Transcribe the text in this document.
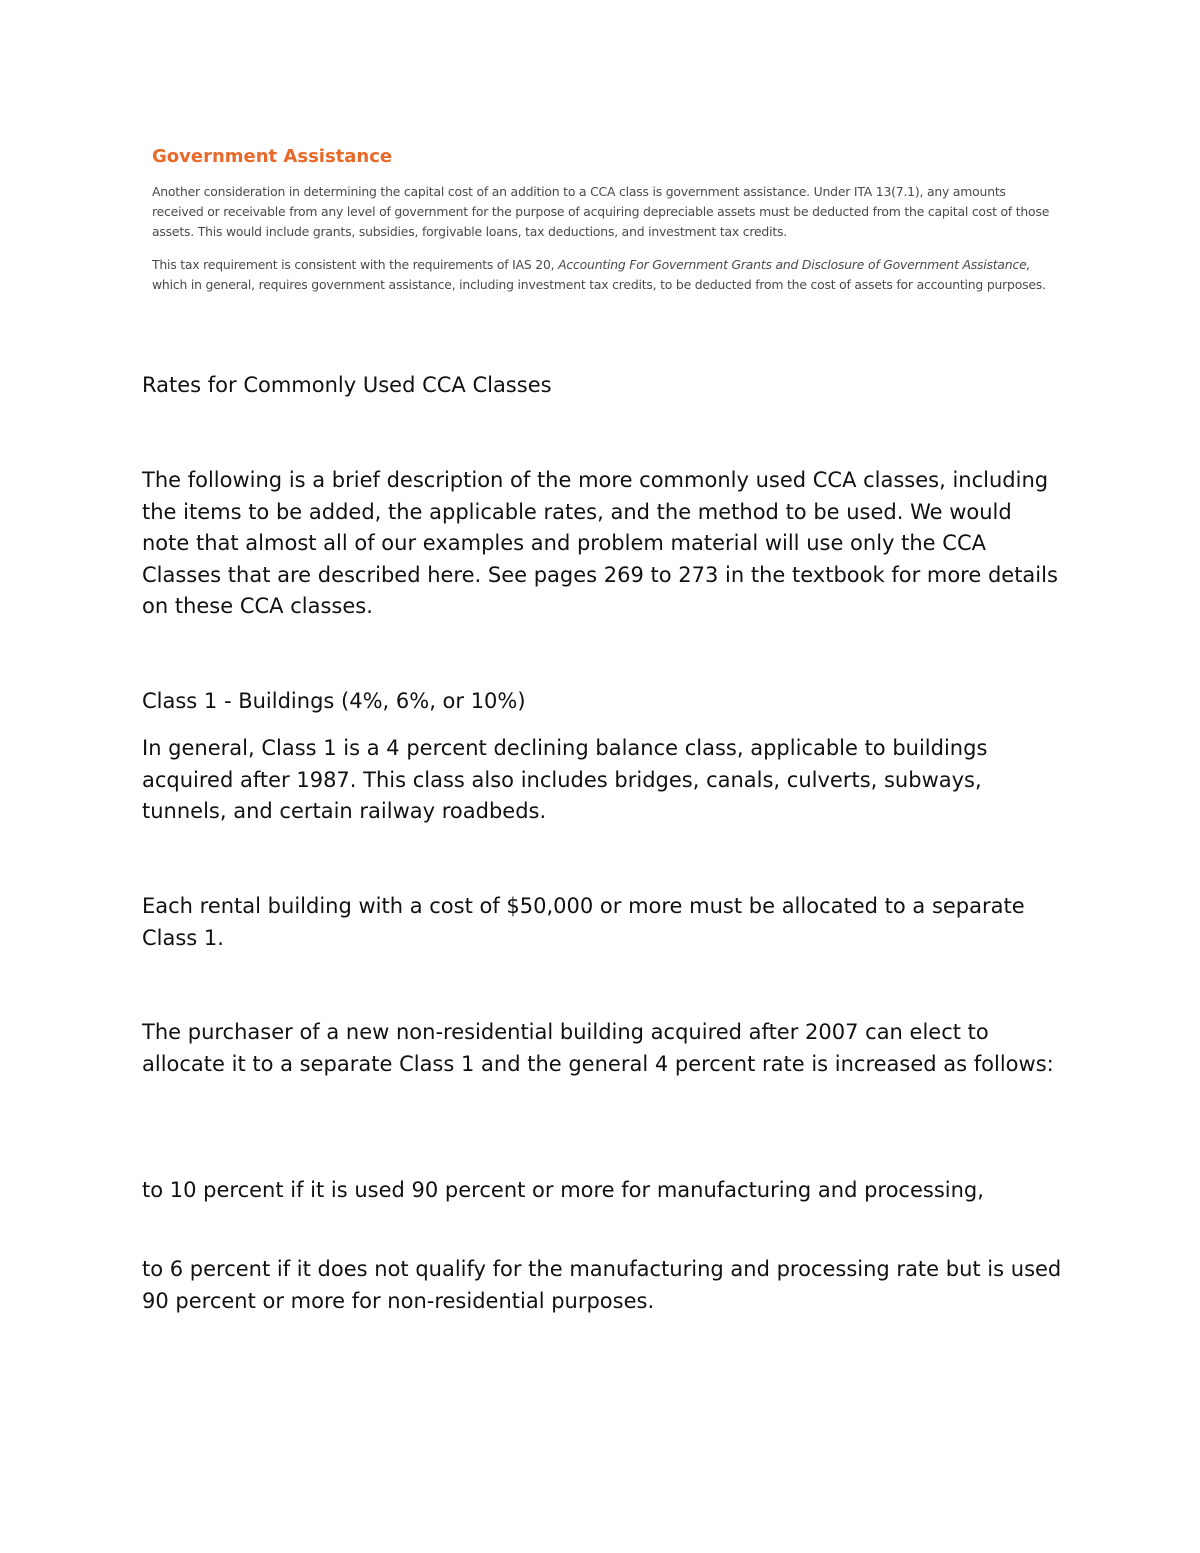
Government Assistance

Another consideration in determining the capital cost of an addition to a CCA class is government assistance. Under ITA 13(7.1), any amounts received or receivable from any level of government for the purpose of acquiring depreciable assets must be deducted from the capital cost of those assets. This would include grants, subsidies, forgivable loans, tax deductions, and investment tax credits.

This tax requirement is consistent with the requirements of IAS 20, Accounting For Government Grants and Disclosure of Government Assistance, which in general, requires government assistance, including investment tax credits, to be deducted from the cost of assets for accounting purposes.

Rates for Commonly Used CCA Classes

The following is a brief description of the more commonly used CCA classes, including the items to be added, the applicable rates, and the method to be used. We would note that almost all of our examples and problem material will use only the CCA Classes that are described here. See pages 269 to 273 in the textbook for more details on these CCA classes.

Class 1 - Buildings (4%, 6%, or 10%)

In general, Class 1 is a 4 percent declining balance class, applicable to buildings acquired after 1987. This class also includes bridges, canals, culverts, subways, tunnels, and certain railway roadbeds.

Each rental building with a cost of $50,000 or more must be allocated to a separate Class 1.

The purchaser of a new non-residential building acquired after 2007 can elect to allocate it to a separate Class 1 and the general 4 percent rate is increased as follows:

to 10 percent if it is used 90 percent or more for manufacturing and processing,

to 6 percent if it does not qualify for the manufacturing and processing rate but is used 90 percent or more for non-residential purposes.
